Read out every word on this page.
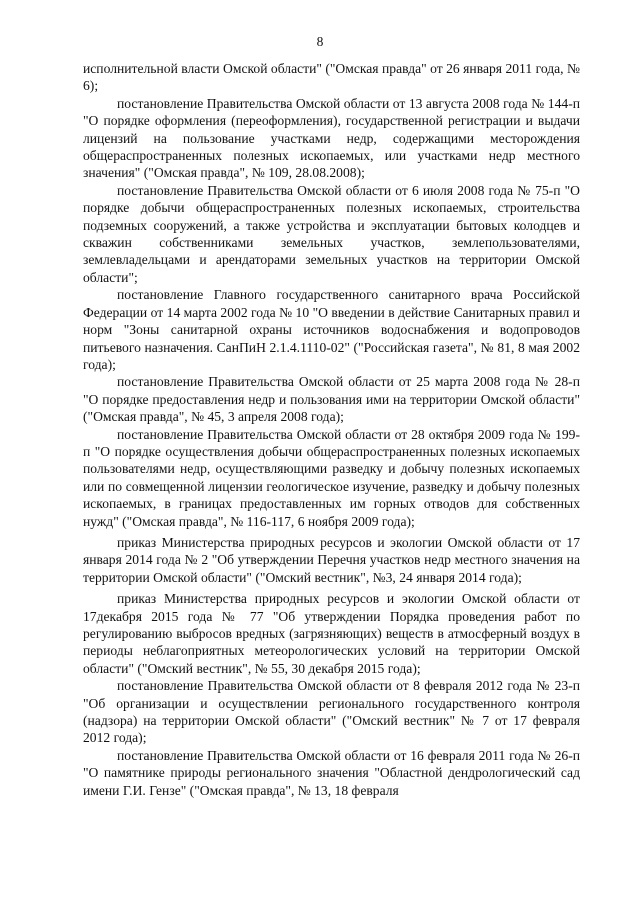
8

исполнительной власти Омской области" ("Омская правда" от 26 января 2011 года, № 6);

постановление Правительства Омской области от 13 августа 2008 года № 144-п "О порядке оформления (переоформления), государственной регистрации и выдачи лицензий на пользование участками недр, содержащими месторождения общераспространенных полезных ископаемых, или участками недр местного значения" ("Омская правда", № 109, 28.08.2008);

постановление Правительства Омской области от 6 июля 2008 года № 75-п "О порядке добычи общераспространенных полезных ископаемых, строительства подземных сооружений, а также устройства и эксплуатации бытовых колодцев и скважин собственниками земельных участков, землепользователями, землевладельцами и арендаторами земельных участков на территории Омской области";

постановление Главного государственного санитарного врача Российской Федерации от 14 марта 2002 года № 10 "О введении в действие Санитарных правил и норм "Зоны санитарной охраны источников водоснабжения и водопроводов питьевого назначения. СанПиН 2.1.4.1110-02" ("Российская газета", № 81, 8 мая 2002 года);

постановление Правительства Омской области от 25 марта 2008 года № 28-п "О порядке предоставления недр и пользования ими на территории Омской области" ("Омская правда", № 45, 3 апреля 2008 года);

постановление Правительства Омской области от 28 октября 2009 года № 199-п "О порядке осуществления добычи общераспространенных полезных ископаемых пользователями недр, осуществляющими разведку и добычу полезных ископаемых или по совмещенной лицензии геологическое изучение, разведку и добычу полезных ископаемых, в границах предоставленных им горных отводов для собственных нужд" ("Омская правда", № 116-117, 6 ноября 2009 года);

приказ Министерства природных ресурсов и экологии Омской области от 17 января 2014 года № 2 "Об утверждении Перечня участков недр местного значения на территории Омской области" ("Омский вестник", №3, 24 января 2014 года);

приказ Министерства природных ресурсов и экологии Омской области от 17декабря 2015 года № 77 "Об утверждении Порядка проведения работ по регулированию выбросов вредных (загрязняющих) веществ в атмосферный воздух в периоды неблагоприятных метеорологических условий на территории Омской области" ("Омский вестник", № 55, 30 декабря 2015 года);

постановление Правительства Омской области от 8 февраля 2012 года № 23-п "Об организации и осуществлении регионального государственного контроля (надзора) на территории Омской области" ("Омский вестник" № 7 от 17 февраля 2012 года);

постановление Правительства Омской области от 16 февраля 2011 года № 26-п "О памятнике природы регионального значения "Областной дендрологический сад имени Г.И. Гензе" ("Омская правда", № 13, 18 февраля
